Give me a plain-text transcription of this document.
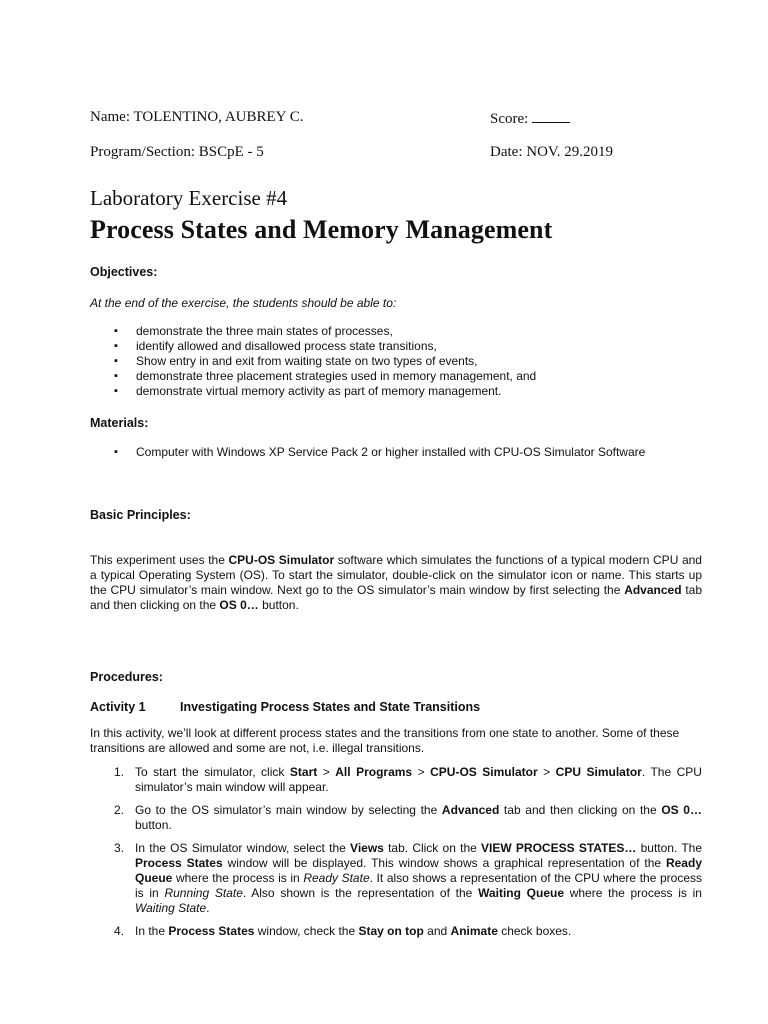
Name: TOLENTINO, AUBREY C.	Score:
Program/Section: BSCpE - 5	Date: NOV. 29.2019
Laboratory Exercise #4
Process States and Memory Management
Objectives:
At the end of the exercise, the students should be able to:
▪ demonstrate the three main states of processes,
▪ identify allowed and disallowed process state transitions,
▪ Show entry in and exit from waiting state on two types of events,
▪ demonstrate three placement strategies used in memory management, and
▪ demonstrate virtual memory activity as part of memory management.
Materials:
▪ Computer with Windows XP Service Pack 2 or higher installed with CPU-OS Simulator Software
Basic Principles:
This experiment uses the CPU-OS Simulator software which simulates the functions of a typical modern CPU and a typical Operating System (OS). To start the simulator, double-click on the simulator icon or name. This starts up the CPU simulator’s main window. Next go to the OS simulator’s main window by first selecting the Advanced tab and then clicking on the OS 0… button.
Procedures:
Activity 1	Investigating Process States and State Transitions
In this activity, we’ll look at different process states and the transitions from one state to another. Some of these transitions are allowed and some are not, i.e. illegal transitions.
1. To start the simulator, click Start > All Programs > CPU-OS Simulator > CPU Simulator. The CPU simulator’s main window will appear.
2. Go to the OS simulator’s main window by selecting the Advanced tab and then clicking on the OS 0… button.
3. In the OS Simulator window, select the Views tab. Click on the VIEW PROCESS STATES… button. The Process States window will be displayed. This window shows a graphical representation of the Ready Queue where the process is in Ready State. It also shows a representation of the CPU where the process is in Running State. Also shown is the representation of the Waiting Queue where the process is in Waiting State.
4. In the Process States window, check the Stay on top and Animate check boxes.
